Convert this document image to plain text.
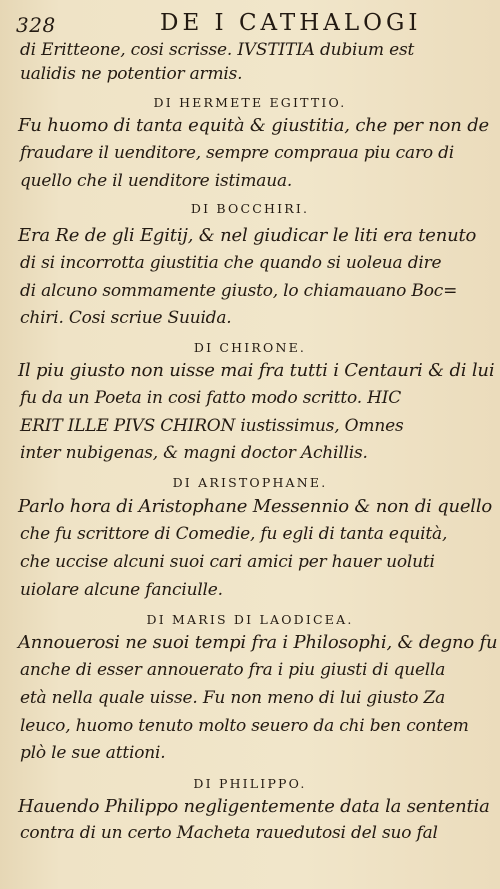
328	DE I CATHALOGI
di Eritteone, cosi scrisse. IVSTITIA dubium est
ualidis ne potentior armis.
DI HERMETE EGITTIO.
Fu huomo di tanta equità & giustitia, che per non de
fraudare il uenditore, sempre comprauа piu caro di
quello che il uenditore istimaua.
DI BOCCHIRI.
Era Re de gli Egitij, & nel giudicar le liti era tenuto
di si incorrotta giustitia che quando si uoleua dire
di alcuno sommamente giusto, lo chiamauano Boc=
chiri. Cosi scriue Suuida.
DI CHIRONE.
Il piu giusto non uisse mai fra tutti i Centauri & di lui
fu da un Poeta in cosi fatto modo scritto. HIC
ERIT ILLE PIVS CHIRON iustissimus, Omnes
inter nubigenas, & magni doctor Achillis.
DI ARISTOPHANE.
Parlo hora di Aristophane Messennio & non di quello
che fu scrittore di Comedie, fu egli di tanta equità,
che uccise alcuni suoi cari amici per hauer uoluti
uiolare alcune fanciulle.
DI MARIS DI LAODICEA.
Annouerosi ne suoi tempi fra i Philosophi, & degno fu
anche di esser annouerato fra i piu giusti di quella
età nella quale uisse. Fu non meno di lui giusto Za
leuco, huomo tenuto molto seuero da chi ben contem
plò le sue attioni.
DI PHILIPPO.
Hauendo Philippo negligentemente data la sententia
contra di un certo Macheta rauedutosi del suo fal
